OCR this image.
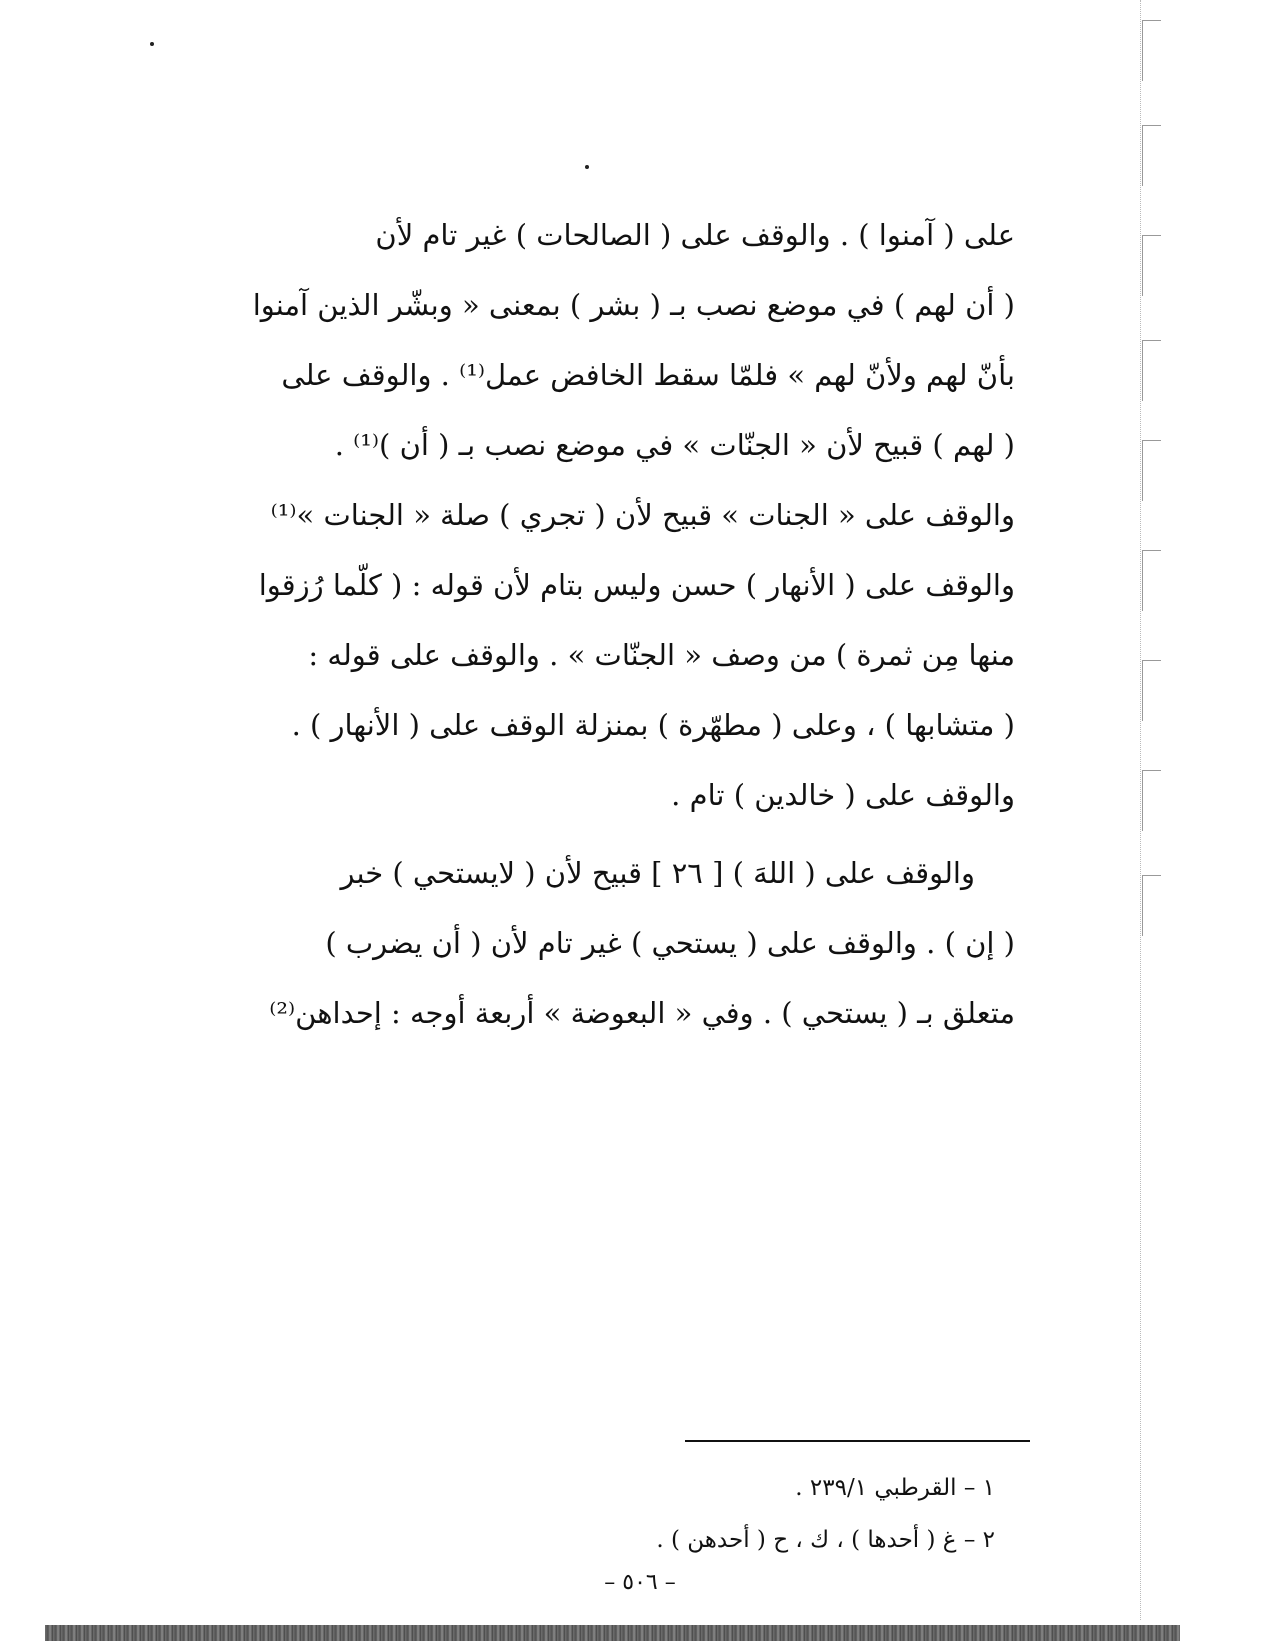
على ( آمنوا ) . والوقف على ( الصالحات ) غير تام لأن
( أن لهم ) في موضع نصب بـ ( بشر ) بمعنى « وبشّر الذين آمنوا
بأنّ لهم ولأنّ لهم » فلمّا سقط الخافض عمل⁽¹⁾ . والوقف على
( لهم ) قبيح لأن « الجنّات » في موضع نصب بـ ( أن )⁽¹⁾ .
والوقف على « الجنات » قبيح لأن ( تجري ) صلة « الجنات »⁽¹⁾
والوقف على ( الأنهار ) حسن وليس بتام لأن قوله : ( كلّما رُزقوا
منها مِن ثمرة ) من وصف « الجنّات » . والوقف على قوله :
( متشابها ) ، وعلى ( مطهّرة ) بمنزلة الوقف على ( الأنهار ) .
والوقف على ( خالدين ) تام .
والوقف على ( اللهَ ) [ ٢٦ ] قبيح لأن ( لايستحي ) خبر
( إن ) . والوقف على ( يستحي ) غير تام لأن ( أن يضرب )
متعلق بـ ( يستحي ) . وفي « البعوضة » أربعة أوجه : إحداهن⁽²⁾
١ – القرطبي ٢٣٩/١ .
٢ – غ ( أحدها ) ، ك ، ح ( أحدهن ) .
– ٥٠٦ –
